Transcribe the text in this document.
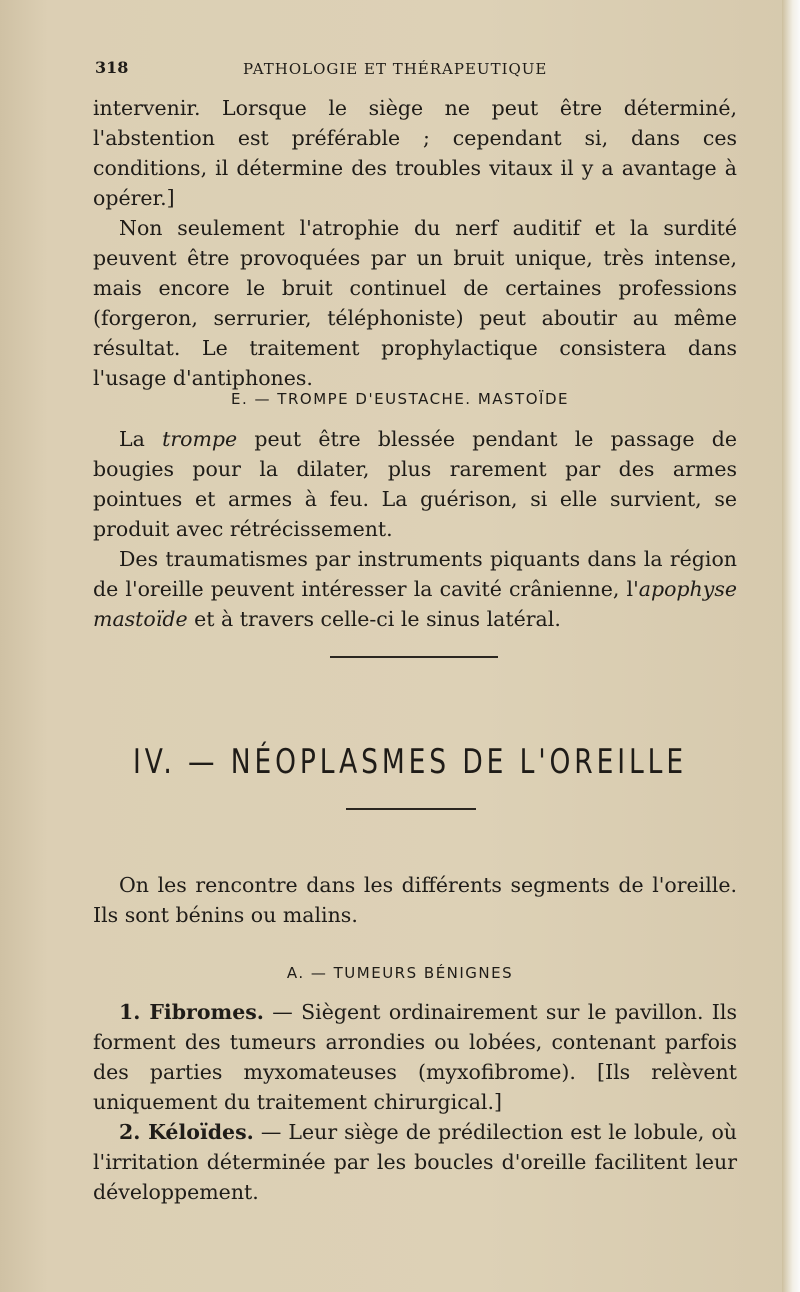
318	PATHOLOGIE ET THÉRAPEUTIQUE

intervenir. Lorsque le siège ne peut être déterminé, l'abstention est préférable ; cependant si, dans ces conditions, il détermine des troubles vitaux il y a avantage à opérer.]

Non seulement l'atrophie du nerf auditif et la surdité peuvent être provoquées par un bruit unique, très intense, mais encore le bruit continuel de certaines professions (forgeron, serrurier, téléphoniste) peut aboutir au même résultat. Le traitement prophylactique consistera dans l'usage d'antiphones.

E. — TROMPE D'EUSTACHE. MASTOÏDE

La trompe peut être blessée pendant le passage de bougies pour la dilater, plus rarement par des armes pointues et armes à feu. La guérison, si elle survient, se produit avec rétrécissement.

Des traumatismes par instruments piquants dans la région de l'oreille peuvent intéresser la cavité crânienne, l'apophyse mastoïde et à travers celle-ci le sinus latéral.

IV. — NÉOPLASMES DE L'OREILLE

On les rencontre dans les différents segments de l'oreille. Ils sont bénins ou malins.

A. — TUMEURS BÉNIGNES

1. Fibromes. — Siègent ordinairement sur le pavillon. Ils forment des tumeurs arrondies ou lobées, contenant parfois des parties myxomateuses (myxofibrome). [Ils relèvent uniquement du traitement chirurgical.]

2. Kéloïdes. — Leur siège de prédilection est le lobule, où l'irritation déterminée par les boucles d'oreille facilitent leur développement.
